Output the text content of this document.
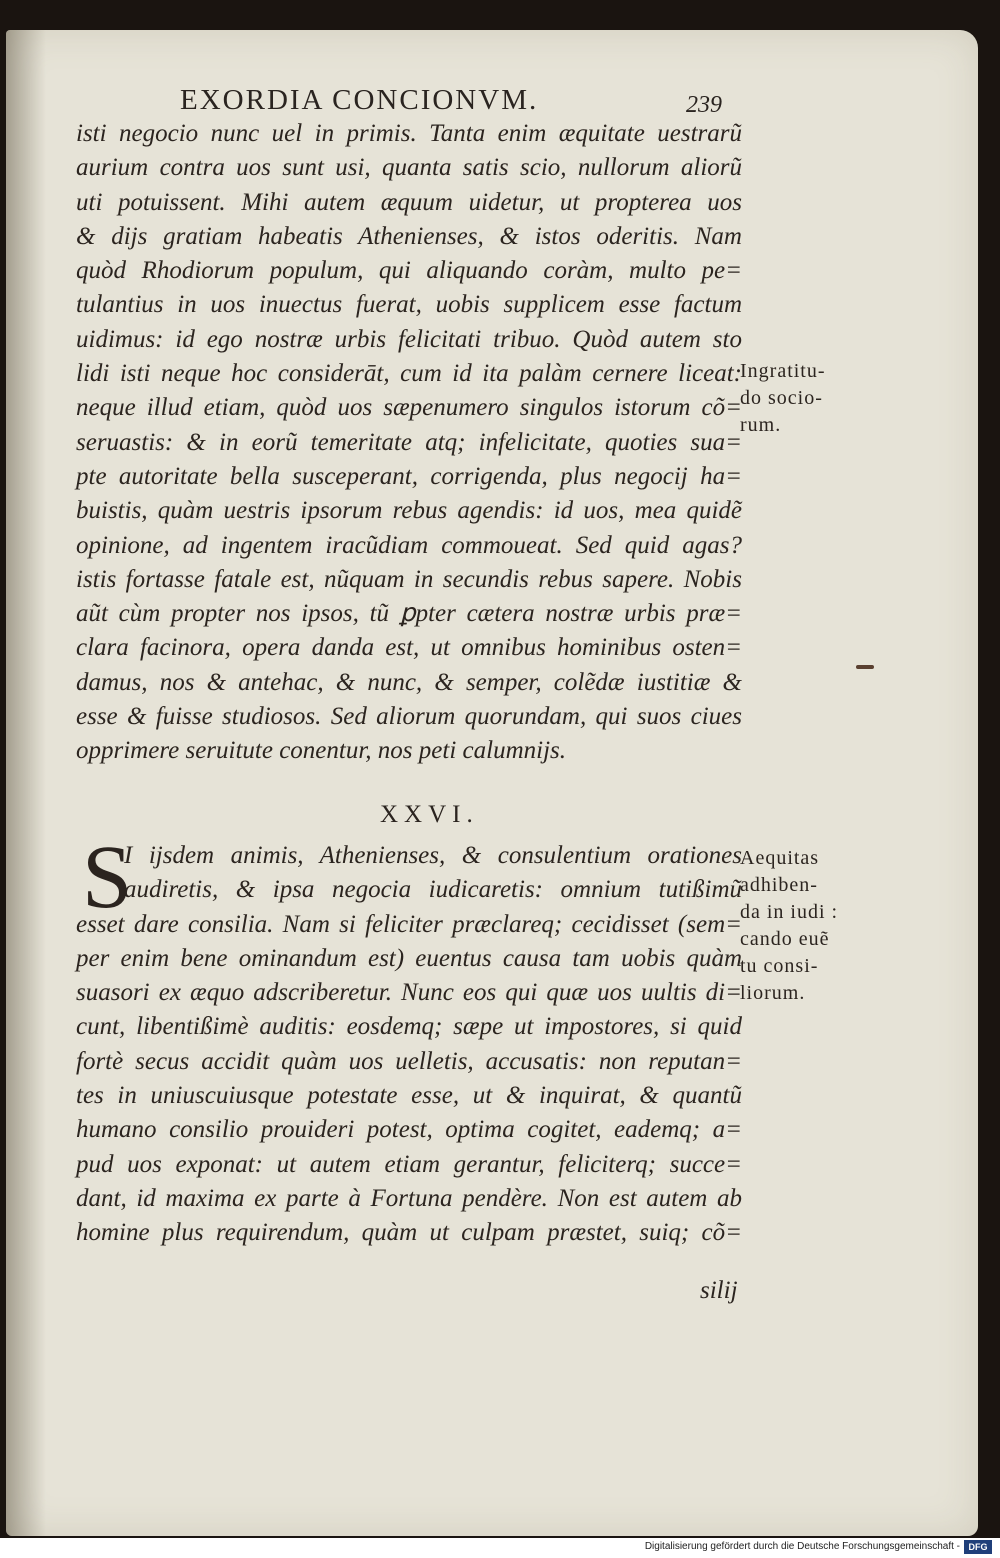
EXORDIA CONCIONVM.	239
isti negocio nunc uel in primis. Tanta enim æquitate uestrarũ
aurium contra uos sunt usi, quanta satis scio, nullorum aliorũ
uti potuissent. Mihi autem æquum uidetur, ut propterea uos
& dijs gratiam habeatis Athenienses, & istos oderitis. Nam
quòd Rhodiorum populum, qui aliquando coràm, multo pe=
tulantius in uos inuectus fuerat, uobis supplicem esse factum
uidimus: id ego nostræ urbis felicitati tribuo. Quòd autem sto
lidi isti neque hoc considerāt, cum id ita palàm cernere liceat:
neque illud etiam, quòd uos sæpenumero singulos istorum cõ=
seruastis: & in eorũ temeritate atq; infelicitate, quoties sua=
pte autoritate bella susceperant, corrigenda, plus negocij ha=
buistis, quàm uestris ipsorum rebus agendis: id uos, mea quidẽ
opinione, ad ingentem iracũdiam commoueat. Sed quid agas?
istis fortasse fatale est, nũquam in secundis rebus sapere. Nobis
aũt cùm propter nos ipsos, tũ ꝑpter cætera nostræ urbis præ=
clara facinora, opera danda est, ut omnibus hominibus osten=
damus, nos & antehac, & nunc, & semper, colẽdæ iustitiæ &
esse & fuisse studiosos. Sed aliorum quorundam, qui suos ciues
opprimere seruitute conentur, nos peti calumnijs.
XXVI.
S
I ijsdem animis, Athenienses, & consulentium orationes
audiretis, & ipsa negocia iudicaretis: omnium tutißimũ
esset dare consilia. Nam si feliciter præclareq; cecidisset (sem=
per enim bene ominandum est) euentus causa tam uobis quàm
suasori ex æquo adscriberetur. Nunc eos qui quæ uos uultis di=
cunt, libentißimè auditis: eosdemq; sæpe ut impostores, si quid
fortè secus accidit quàm uos uelletis, accusatis: non reputan=
tes in uniuscuiusque potestate esse, ut & inquirat, & quantũ
humano consilio prouideri potest, optima cogitet, eademq; a=
pud uos exponat: ut autem etiam gerantur, feliciterq; succe=
dant, id maxima ex parte à Fortuna pendère. Non est autem ab
homine plus requirendum, quàm ut culpam præstet, suiq; cõ=
silij
Ingratitu-
do socio-
rum.
Aequitas
adhiben-
da in iudi :
cando euẽ
tu consi-
liorum.
Digitalisierung gefördert durch die Deutsche Forschungsgemeinschaft - DFG
